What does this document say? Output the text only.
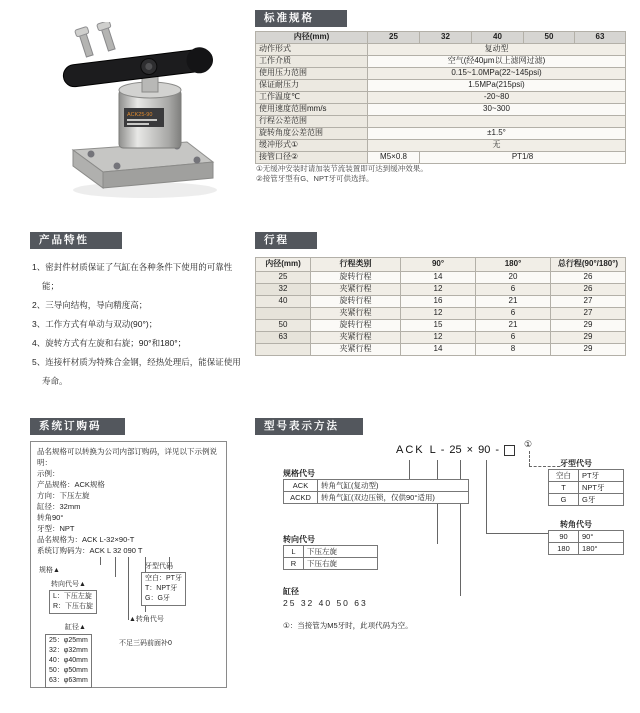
ACK25-90
标准规格
内径(mm)	25	32	40	50	63
动作形式	复动型				
工作介质	空气(经40μm以上滤网过滤)				
使用压力范围	0.15~1.0MPa(22~145psi)				
保证耐压力	1.5MPa(215psi)				
工作温度℃	-20~80				
使用速度范围mm/s	30~300				
行程公差范围					
旋转角度公差范围	±1.5°				
缓冲形式①	无				
接管口径②	M5×0.8	PT1/8			
①无缓冲安装时请加装节流装置即可达到缓冲效果。
②接管牙型有G、NPT牙可供选择。
产品特性
1、密封件材质保证了气缸在各种条件下使用的可靠性能；
2、三导向结构，导向精度高；
3、工作方式有单动与双动(90°)；
4、旋转方式有左旋和右旋；90°和180°；
5、连接杆材质为特殊合金钢，经热处理后，能保证使用寿命。
行程
内径(mm)	行程类别	90°	180°	总行程(90°/180°)
25	旋转行程	14	20	26
32	夹紧行程	12	6	26
40	旋转行程	16	21	27
	夹紧行程	12	6	27
50	旋转行程	15	21	29
63	夹紧行程	12	6	29
	夹紧行程	14	8	29
系统订购码
品名规格可以转换为公司内部订购码，详见以下示例说明：
示例：
产品规格：ACK规格
方向：下压左旋
缸径：32mm
转角90°
牙型：NPT
品名规格为：ACK L-32×90-T
系统订购码为：ACK L 32 090 T
规格▲
牙型代码
空白：PT牙
T：NPT牙
G：G牙
转向代号▲
L：下压左旋
R：下压右旋
缸径▲
▲转角代号
25：φ25mm
32：φ32mm
40：φ40mm
50：φ50mm
63：φ63mm
不足三码前面补0
型号表示方法
ACK L - 25 × 90 -	①
规格代号
ACK	转角气缸(复动型)
ACKD	转角气缸(双边压锁，仅供90°适用)
转向代号
L	下压左旋
R	下压右旋
缸径
25 32 40 50 63
牙型代号
空白	PT牙
T	NPT牙
G	G牙
转角代号
90	90°
180	180°
①：当接管为M5牙时，此项代码为空。
